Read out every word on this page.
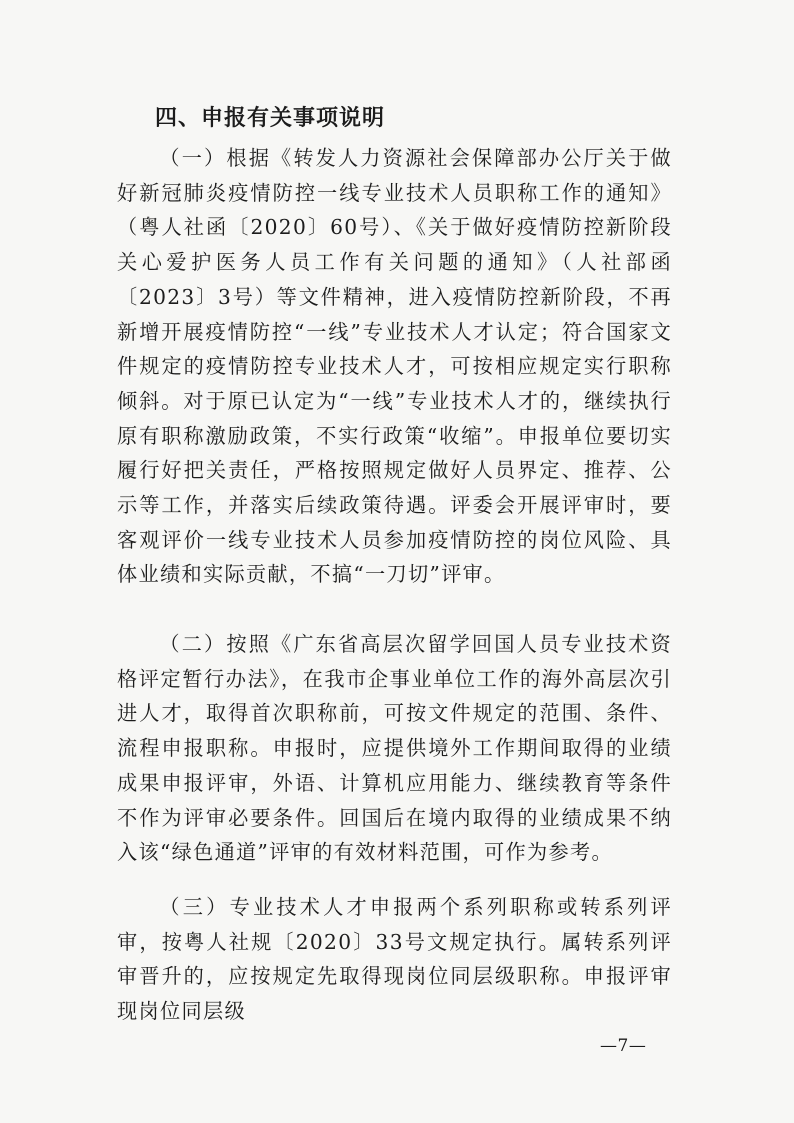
四、申报有关事项说明

（一）根据《转发人力资源社会保障部办公厅关于做好新冠肺炎疫情防控一线专业技术人员职称工作的通知》（粤人社函〔2020〕60号）、《关于做好疫情防控新阶段关心爱护医务人员工作有关问题的通知》（人社部函〔2023〕3号）等文件精神，进入疫情防控新阶段，不再新增开展疫情防控“一线”专业技术人才认定；符合国家文件规定的疫情防控专业技术人才，可按相应规定实行职称倾斜。对于原已认定为“一线”专业技术人才的，继续执行原有职称激励政策，不实行政策“收缩”。申报单位要切实履行好把关责任，严格按照规定做好人员界定、推荐、公示等工作，并落实后续政策待遇。评委会开展评审时，要客观评价一线专业技术人员参加疫情防控的岗位风险、具体业绩和实际贡献，不搞“一刀切”评审。

（二）按照《广东省高层次留学回国人员专业技术资格评定暂行办法》，在我市企事业单位工作的海外高层次引进人才，取得首次职称前，可按文件规定的范围、条件、流程申报职称。申报时，应提供境外工作期间取得的业绩成果申报评审，外语、计算机应用能力、继续教育等条件不作为评审必要条件。回国后在境内取得的业绩成果不纳入该“绿色通道”评审的有效材料范围，可作为参考。

（三）专业技术人才申报两个系列职称或转系列评审，按粤人社规〔2020〕33号文规定执行。属转系列评审晋升的，应按规定先取得现岗位同层级职称。申报评审现岗位同层级

—7—
